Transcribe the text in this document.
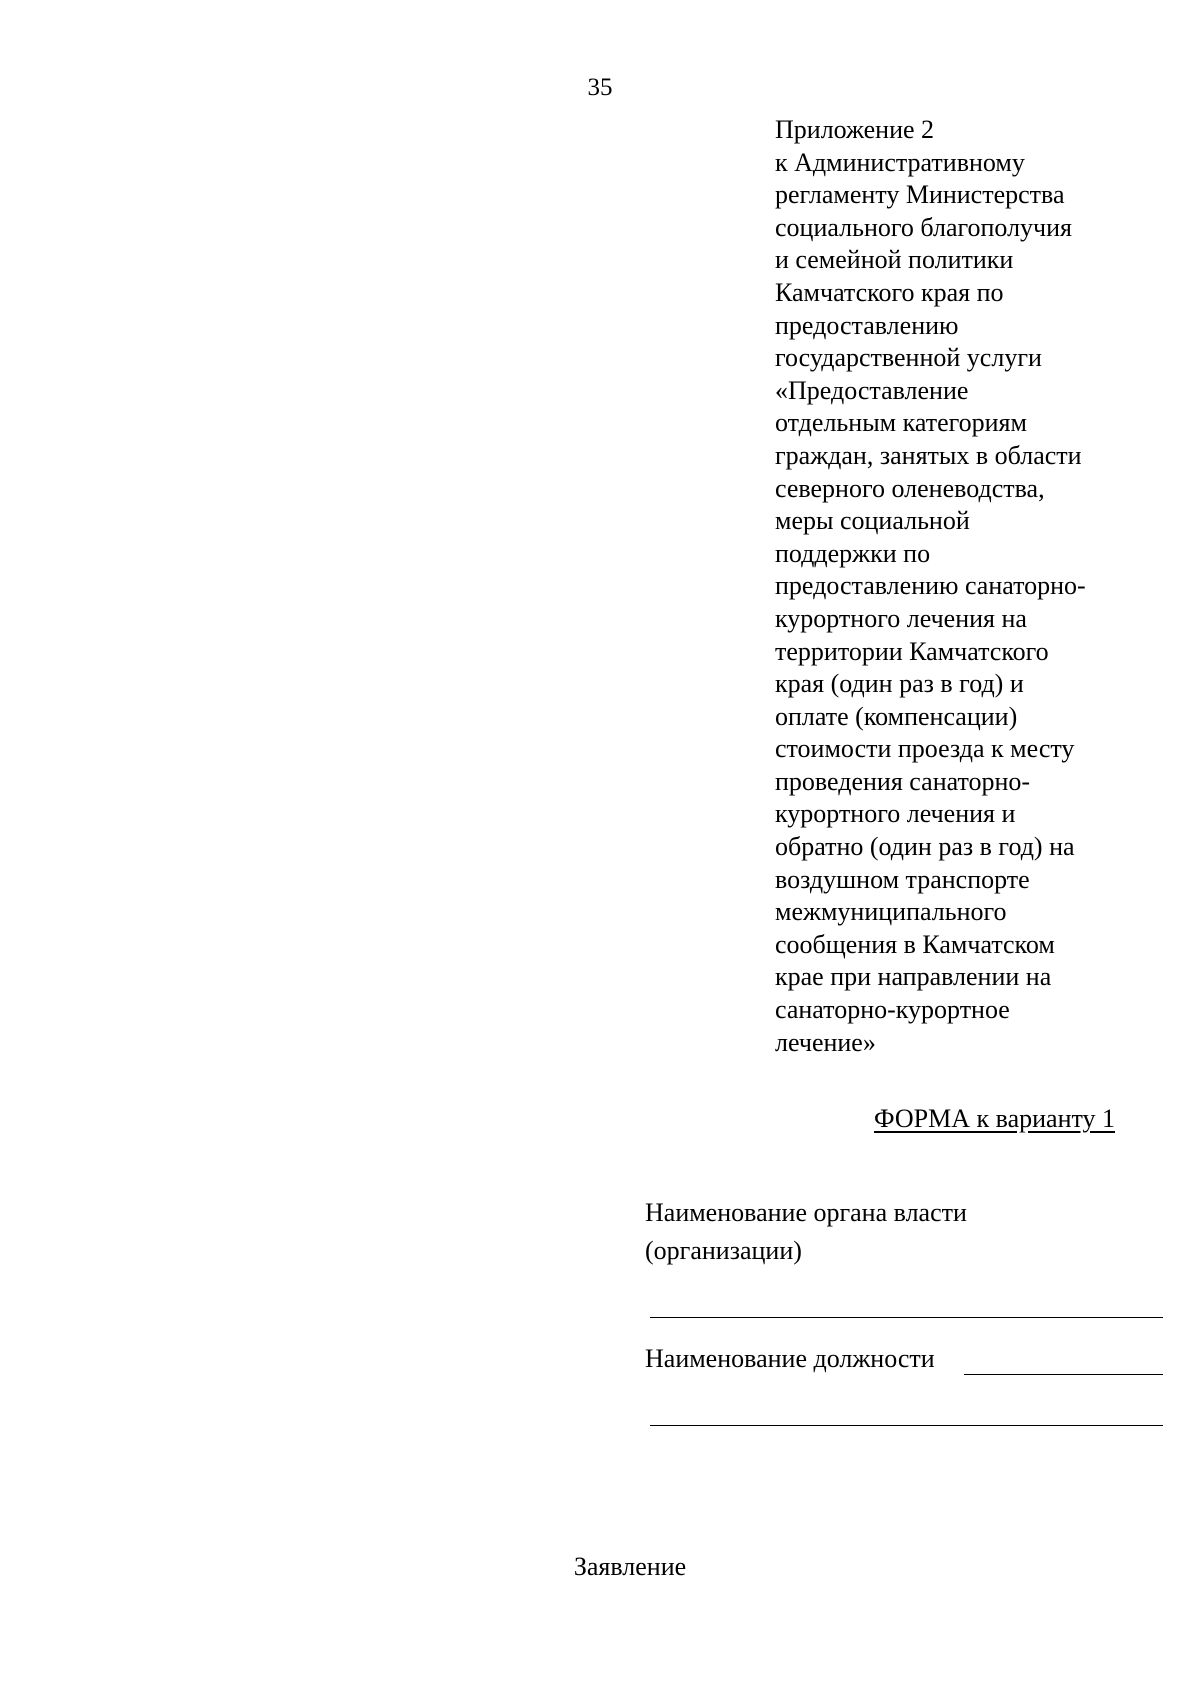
35

Приложение 2
к Административному
регламенту Министерства
социального благополучия
и семейной политики
Камчатского края по
предоставлению
государственной услуги
«Предоставление
отдельным категориям
граждан, занятых в области
северного оленеводства,
меры социальной
поддержки по
предоставлению санаторно-
курортного лечения на
территории Камчатского
края (один раз в год) и
оплате (компенсации)
стоимости проезда к месту
проведения санаторно-
курортного лечения и
обратно (один раз в год) на
воздушном транспорте
межмуниципального
сообщения в Камчатском
крае при направлении на
санаторно-курортное
лечение»
ФОРМА к варианту 1
Наименование органа власти
(организации)
Наименование должности

Заявление
